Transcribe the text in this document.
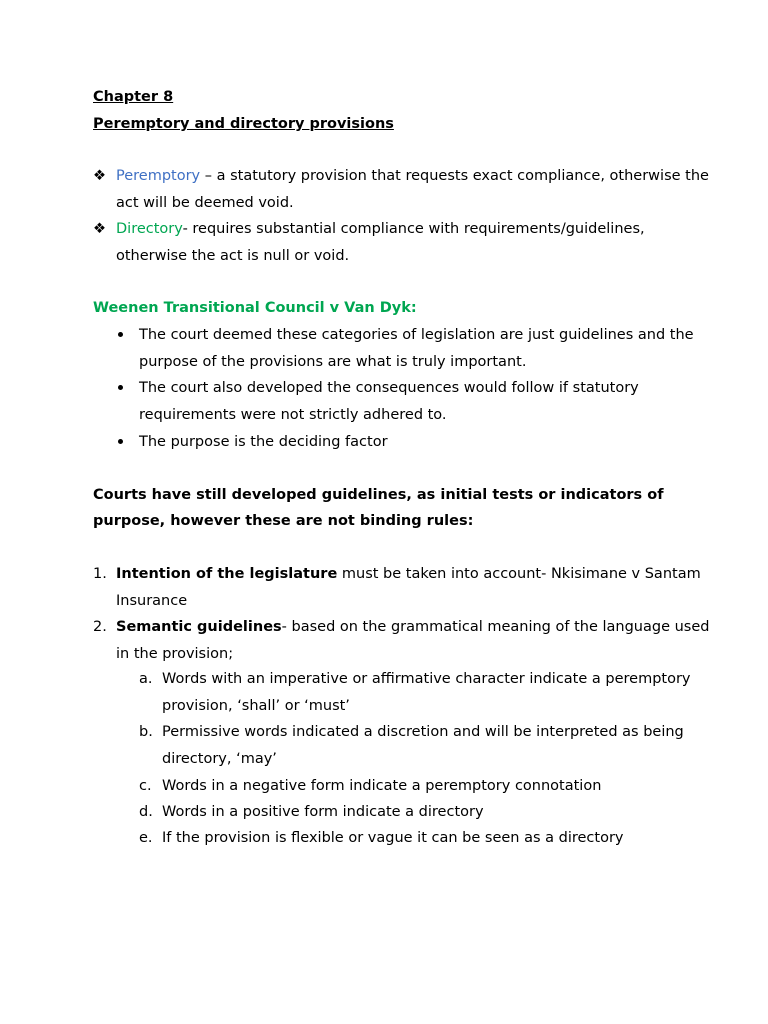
Chapter 8
Peremptory and directory provisions
❖ Peremptory – a statutory provision that requests exact compliance, otherwise the
act will be deemed void.
❖ Directory- requires substantial compliance with requirements/guidelines,
otherwise the act is null or void.
Weenen Transitional Council v Van Dyk:
The court deemed these categories of legislation are just guidelines and the
purpose of the provisions are what is truly important.
The court also developed the consequences would follow if statutory
requirements were not strictly adhered to.
The purpose is the deciding factor
Courts have still developed guidelines, as initial tests or indicators of
purpose, however these are not binding rules:
1. Intention of the legislature must be taken into account- Nkisimane v Santam
Insurance
2. Semantic guidelines- based on the grammatical meaning of the language used
in the provision;
a. Words with an imperative or affirmative character indicate a peremptory
provision, ‘shall’ or ‘must’
b. Permissive words indicated a discretion and will be interpreted as being
directory, ‘may’
c. Words in a negative form indicate a peremptory connotation
d. Words in a positive form indicate a directory
e. If the provision is flexible or vague it can be seen as a directory
